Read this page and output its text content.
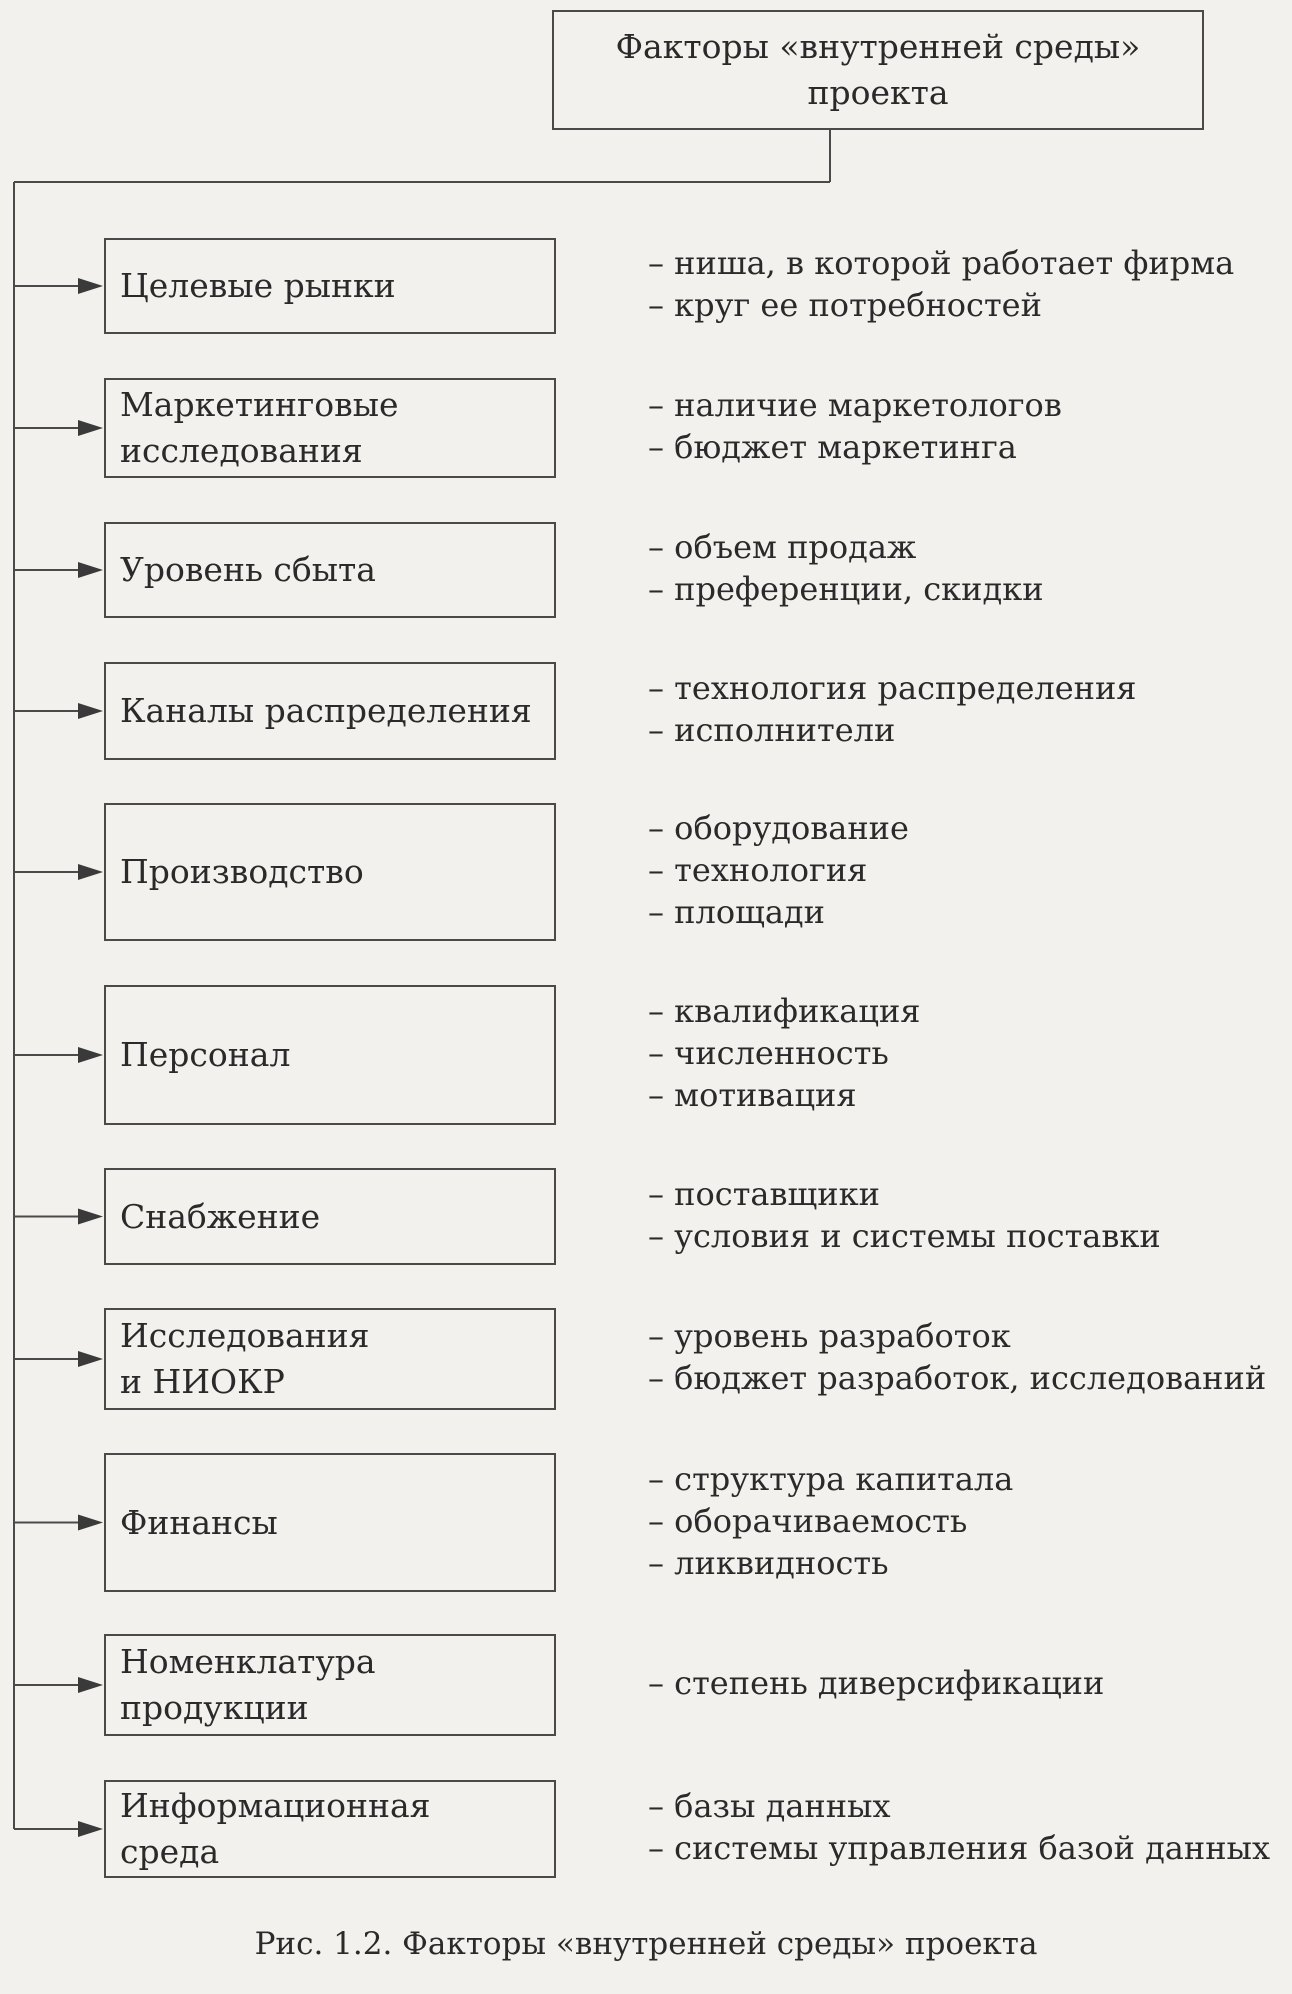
Факторы «внутренней среды»
проекта
Целевые рынки
– ниша, в которой работает фирма
– круг ее потребностей
Маркетинговые
исследования
– наличие маркетологов
– бюджет маркетинга
Уровень сбыта
– объем продаж
– преференции, скидки
Каналы распределения
– технология распределения
– исполнители
Производство
– оборудование
– технология
– площади
Персонал
– квалификация
– численность
– мотивация
Снабжение
– поставщики
– условия и системы поставки
Исследования
и НИОКР
– уровень разработок
– бюджет разработок, исследований
Финансы
– структура капитала
– оборачиваемость
– ликвидность
Номенклатура
продукции
– степень диверсификации
Информационная среда
– базы данных
– системы управления базой данных
Рис. 1.2. Факторы «внутренней среды» проекта
